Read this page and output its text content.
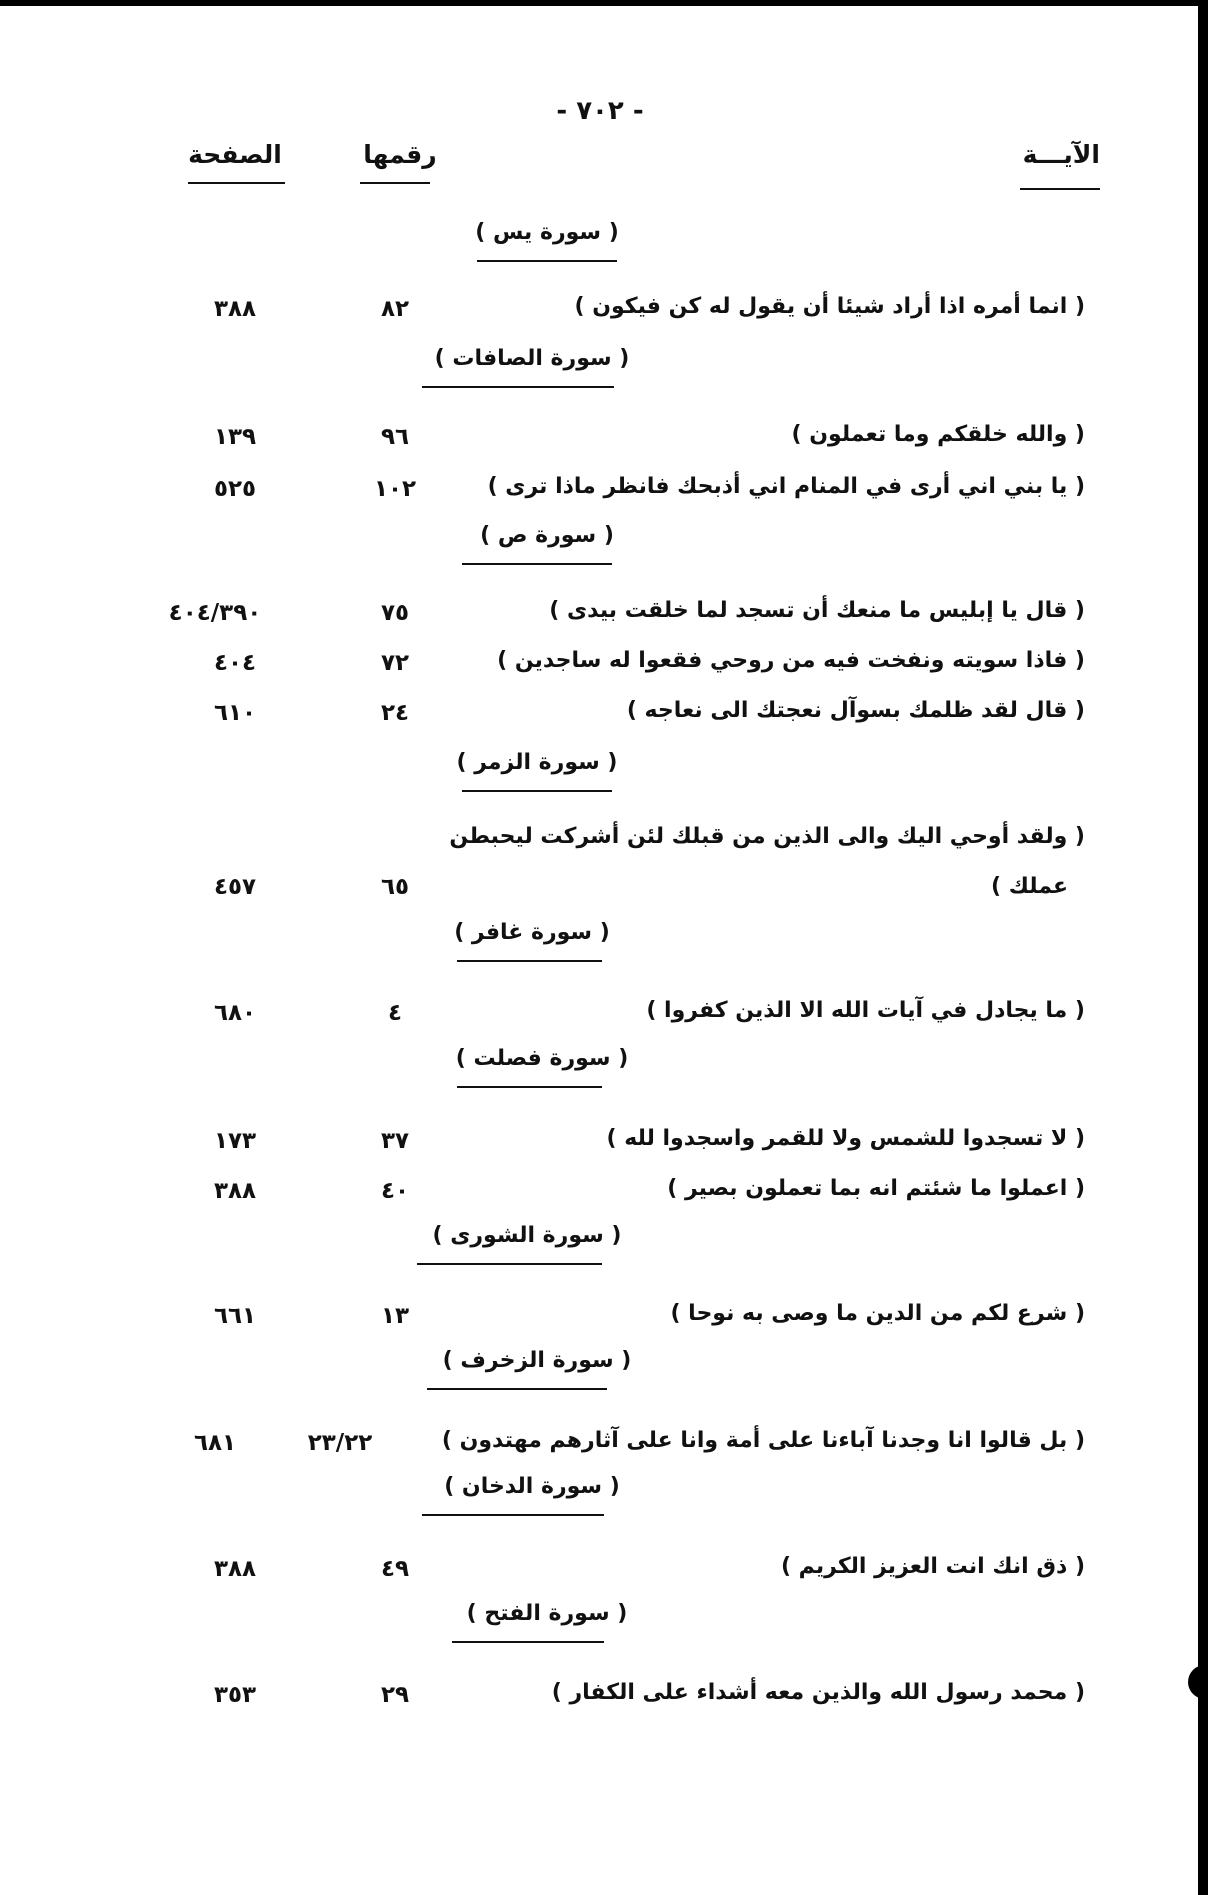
- ٧٠٢ -
الآيـــة
رقمها
الصفحة
( سورة يس )
( انما أمره اذا أراد شيئا أن يقول له كن فيكون )
٨٢
٣٨٨
( سورة الصافات )
( والله خلقكم وما تعملون )
٩٦
١٣٩
( يا بني اني أرى في المنام اني أذبحك فانظر ماذا ترى )
١٠٢
٥٢٥
( سورة ص )
( قال يا إبليس ما منعك أن تسجد لما خلقت بيدى )
٧٥
٤٠٤/٣٩٠
( فاذا سويته ونفخت فيه من روحي فقعوا له ساجدين )
٧٢
٤٠٤
( قال لقد ظلمك بسوآل نعجتك الى نعاجه )
٢٤
٦١٠
( سورة الزمر )
( ولقد أوحي اليك والى الذين من قبلك لئن أشركت ليحبطن
عملك )
٦٥
٤٥٧
( سورة غافر )
( ما يجادل في آيات الله الا الذين كفروا )
٤
٦٨٠
( سورة فصلت )
( لا تسجدوا للشمس ولا للقمر واسجدوا لله )
٣٧
١٧٣
( اعملوا ما شئتم انه بما تعملون بصير )
٤٠
٣٨٨
( سورة الشورى )
( شرع لكم من الدين ما وصى به نوحا )
١٣
٦٦١
( سورة الزخرف )
( بل قالوا انا وجدنا آباءنا على أمة وانا على آثارهم مهتدون )
٢٣/٢٢
٦٨١
( سورة الدخان )
( ذق انك انت العزيز الكريم )
٤٩
٣٨٨
( سورة الفتح )
( محمد رسول الله والذين معه أشداء على الكفار )
٢٩
٣٥٣
